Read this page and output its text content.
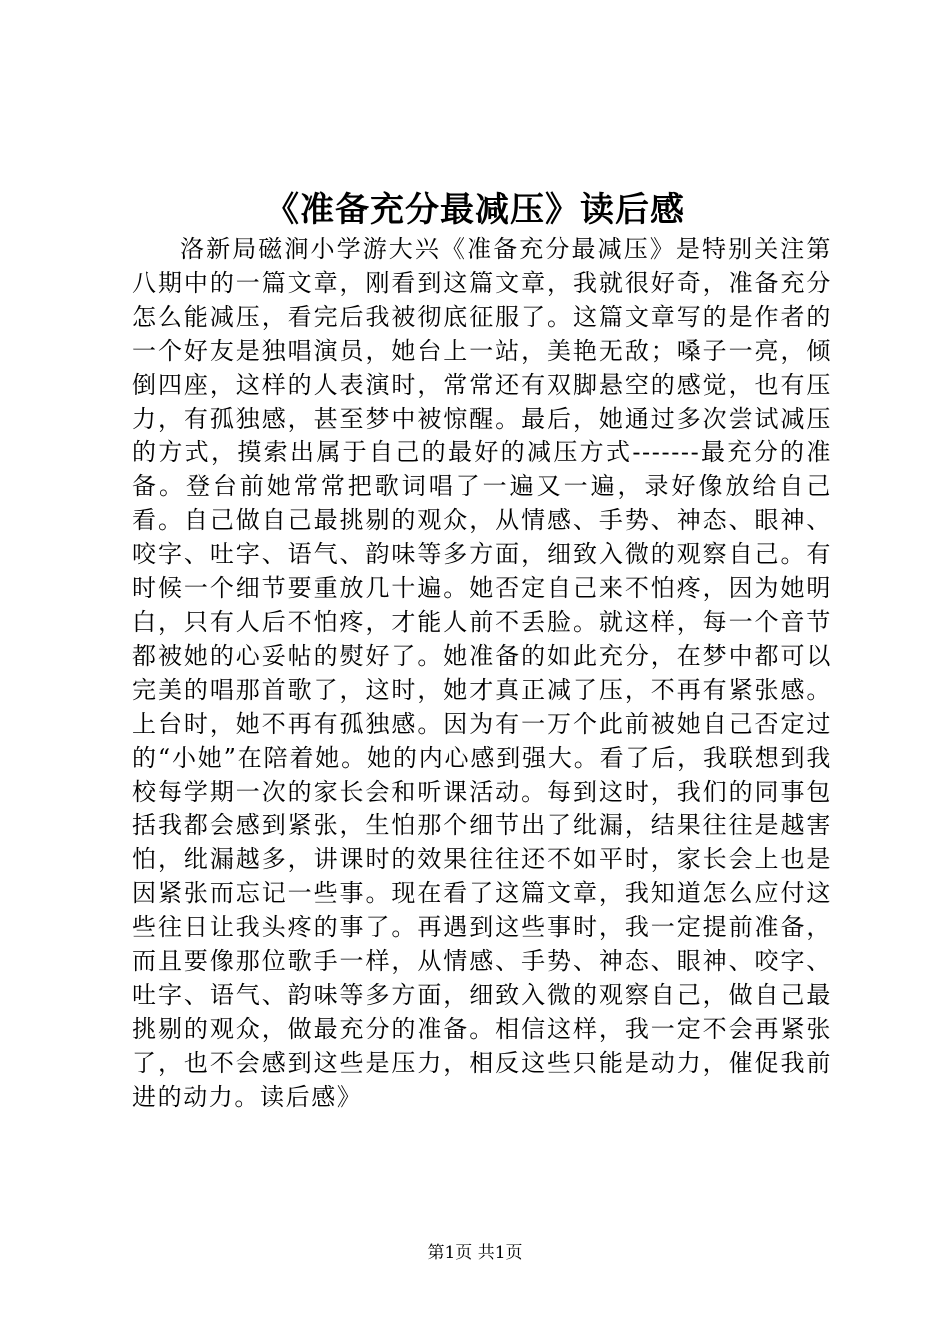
《准备充分最减压》读后感

洛新局磁涧小学游大兴《准备充分最减压》是特别关注第八期中的一篇文章，刚看到这篇文章，我就很好奇，准备充分怎么能减压，看完后我被彻底征服了。这篇文章写的是作者的一个好友是独唱演员，她台上一站，美艳无敌；嗓子一亮，倾倒四座，这样的人表演时，常常还有双脚悬空的感觉，也有压力，有孤独感，甚至梦中被惊醒。最后，她通过多次尝试减压的方式，摸索出属于自己的最好的减压方式-------最充分的准备。登台前她常常把歌词唱了一遍又一遍，录好像放给自己看。自己做自己最挑剔的观众，从情感、手势、神态、眼神、咬字、吐字、语气、韵味等多方面，细致入微的观察自己。有时候一个细节要重放几十遍。她否定自己来不怕疼，因为她明白，只有人后不怕疼，才能人前不丢脸。就这样，每一个音节都被她的心妥帖的熨好了。她准备的如此充分，在梦中都可以完美的唱那首歌了，这时，她才真正减了压，不再有紧张感。上台时，她不再有孤独感。因为有一万个此前被她自己否定过的“小她”在陪着她。她的内心感到强大。看了后，我联想到我校每学期一次的家长会和听课活动。每到这时，我们的同事包括我都会感到紧张，生怕那个细节出了纰漏，结果往往是越害怕，纰漏越多，讲课时的效果往往还不如平时，家长会上也是因紧张而忘记一些事。现在看了这篇文章，我知道怎么应付这些往日让我头疼的事了。再遇到这些事时，我一定提前准备，而且要像那位歌手一样，从情感、手势、神态、眼神、咬字、吐字、语气、韵味等多方面，细致入微的观察自己，做自己最挑剔的观众，做最充分的准备。相信这样，我一定不会再紧张了，也不会感到这些是压力，相反这些只能是动力，催促我前进的动力。读后感》

第1页 共1页
